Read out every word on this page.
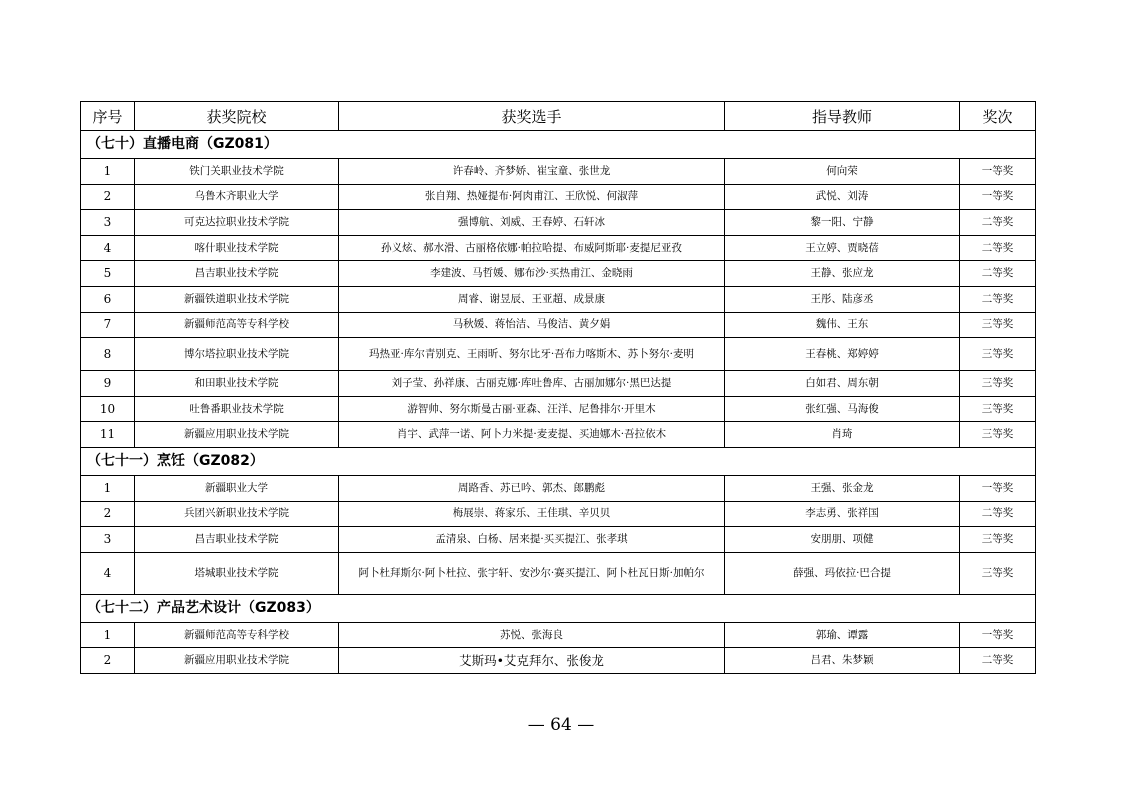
序号	获奖院校	获奖选手	指导教师	奖次
（七十）直播电商（GZ081）				
1	铁门关职业技术学院	许春岭、齐梦娇、崔宝童、张世龙	何向荣	一等奖
2	乌鲁木齐职业大学	张自翔、热娅提布·阿肉甫江、王欣悦、何淑萍	武悦、刘涛	一等奖
3	可克达拉职业技术学院	强博航、刘威、王春婷、石轩冰	黎一阳、宁静	二等奖
4	喀什职业技术学院	孙义炫、郝水滑、古丽格依娜·帕拉哈提、布威阿斯耶·麦提尼亚孜	王立婷、贾晓蓓	二等奖
5	昌吉职业技术学院	李建波、马哲媛、娜布沙·买热甫江、金晓雨	王静、张应龙	二等奖
6	新疆铁道职业技术学院	周睿、谢昱辰、王亚超、成景康	王彤、陆彦丞	二等奖
7	新疆师范高等专科学校	马秋媛、蒋怡洁、马俊洁、黄夕娟	魏伟、王东	三等奖
8	博尔塔拉职业技术学院	玛热亚·库尔青别克、王雨昕、努尔比牙·吾布力喀斯木、苏卜努尔·麦明	王春桃、郑婷婷	三等奖
9	和田职业技术学院	刘子莹、孙祥康、古丽克娜·库吐鲁库、古丽加娜尔·黑巴达提	白如君、周东朝	三等奖
10	吐鲁番职业技术学院	游智帅、努尔斯曼古丽·亚森、汪洋、尼鲁排尔·开里木	张红强、马海俊	三等奖
11	新疆应用职业技术学院	肖宇、武萍一诺、阿卜力米提·麦麦提、买迪娜木·吾拉依木	肖琦	三等奖
（七十一）烹饪（GZ082）				
1	新疆职业大学	周路香、苏已吟、郭杰、郎鹏彪	王强、张金龙	一等奖
2	兵团兴新职业技术学院	梅展崇、蒋家乐、王佳琪、辛贝贝	李志勇、张祥国	二等奖
3	昌吉职业技术学院	孟清泉、白杨、居来提·买买提江、张孝琪	安朋朋、项健	三等奖
4	塔城职业技术学院	阿卜杜拜斯尔·阿卜杜拉、张宇轩、安沙尔·赛买提江、阿卜杜瓦日斯·加帕尔	薛强、玛依拉·巴合提	三等奖
（七十二）产品艺术设计（GZ083）				
1	新疆师范高等专科学校	苏悦、张海良	郭瑜、谭露	一等奖
2	新疆应用职业技术学院	艾斯玛•艾克拜尔、张俊龙	吕君、朱梦颖	二等奖
— 64 —
